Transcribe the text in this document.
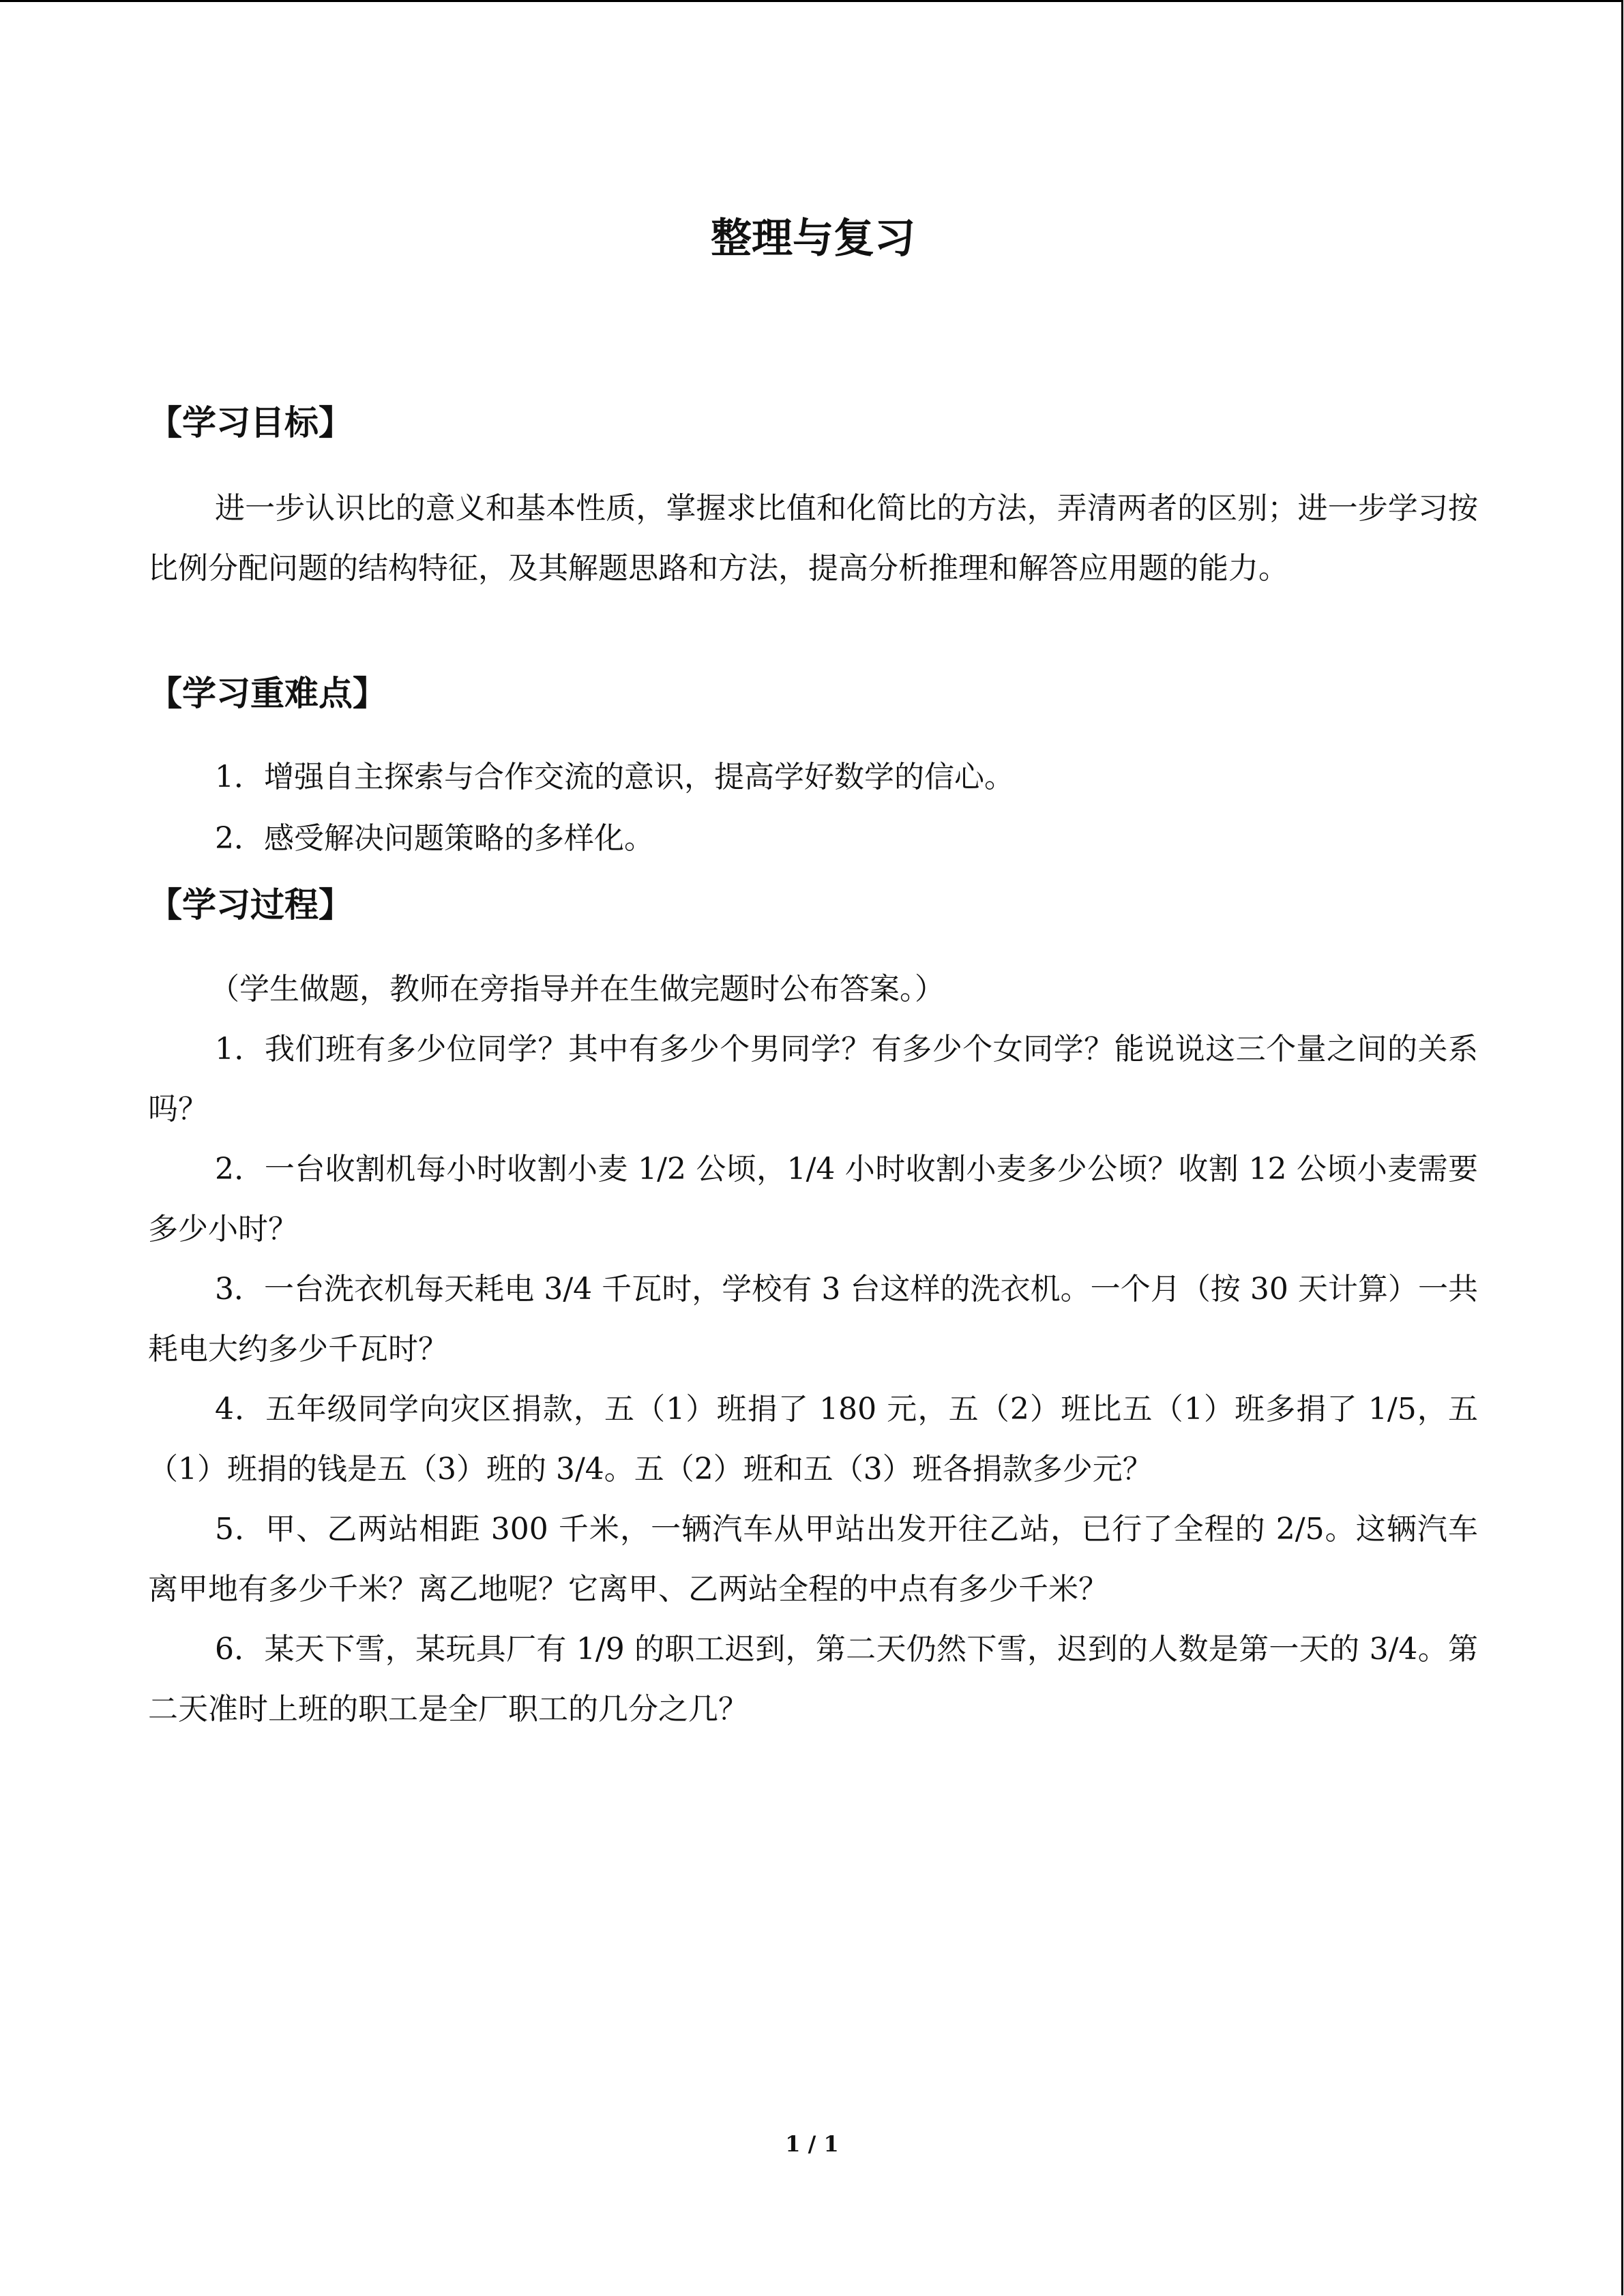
整理与复习
【学习目标】

进一步认识比的意义和基本性质，掌握求比值和化简比的方法，弄清两者的区别；进一步学习按比例分配问题的结构特征，及其解题思路和方法，提高分析推理和解答应用题的能力。

【学习重难点】

1．增强自主探索与合作交流的意识，提高学好数学的信心。

2．感受解决问题策略的多样化。

【学习过程】

（学生做题，教师在旁指导并在生做完题时公布答案。）

1．我们班有多少位同学？其中有多少个男同学？有多少个女同学？能说说这三个量之间的关系吗？

2．一台收割机每小时收割小麦 1/2 公顷，1/4 小时收割小麦多少公顷？收割 12 公顷小麦需要多少小时？

3．一台洗衣机每天耗电 3/4 千瓦时，学校有 3 台这样的洗衣机。一个月（按 30 天计算）一共耗电大约多少千瓦时？

4．五年级同学向灾区捐款，五（1）班捐了 180 元，五（2）班比五（1）班多捐了 1/5，五（1）班捐的钱是五（3）班的 3/4。五（2）班和五（3）班各捐款多少元？

5．甲、乙两站相距 300 千米，一辆汽车从甲站出发开往乙站，已行了全程的 2/5。这辆汽车离甲地有多少千米？离乙地呢？它离甲、乙两站全程的中点有多少千米？

6．某天下雪，某玩具厂有 1/9 的职工迟到，第二天仍然下雪，迟到的人数是第一天的 3/4。第二天准时上班的职工是全厂职工的几分之几？

1 / 1
